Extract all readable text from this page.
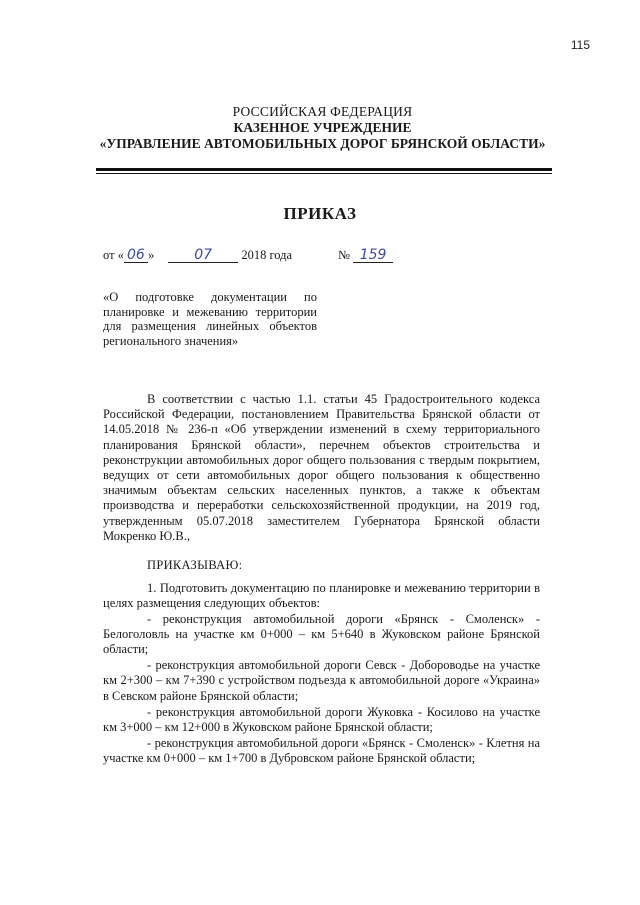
115
РОССИЙСКАЯ ФЕДЕРАЦИЯ
КАЗЕННОЕ УЧРЕЖДЕНИЕ
«УПРАВЛЕНИЕ АВТОМОБИЛЬНЫХ ДОРОГ БРЯНСКОЙ ОБЛАСТИ»
ПРИКАЗ
от « 06 »	07 2018 года	№ 159
«О подготовке документации по планировке и межеванию территории для размещения линейных объектов регионального значения»

В соответствии с частью 1.1. статьи 45 Градостроительного кодекса Российской Федерации, постановлением Правительства Брянской области от 14.05.2018 № 236-п «Об утверждении изменений в схему территориального планирования Брянской области», перечнем объектов строительства и реконструкции автомобильных дорог общего пользования с твердым покрытием, ведущих от сети автомобильных дорог общего пользования к общественно значимым объектам сельских населенных пунктов, а также к объектам производства и переработки сельскохозяйственной продукции, на 2019 год, утвержденным 05.07.2018 заместителем Губернатора Брянской области Мокренко Ю.В.,

ПРИКАЗЫВАЮ:

1. Подготовить документацию по планировке и межеванию территории в целях размещения следующих объектов:

- реконструкция автомобильной дороги «Брянск - Смоленск» - Белоголовль на участке км 0+000 – км 5+640 в Жуковском районе Брянской области;

- реконструкция автомобильной дороги Севск - Добороводье на участке км 2+300 – км 7+390 с устройством подъезда к автомобильной дороге «Украина» в Севском районе Брянской области;

- реконструкция автомобильной дороги Жуковка - Косилово на участке км 3+000 – км 12+000 в Жуковском районе Брянской области;

- реконструкция автомобильной дороги «Брянск - Смоленск» - Клетня на участке км 0+000 – км 1+700 в Дубровском районе Брянской области;
